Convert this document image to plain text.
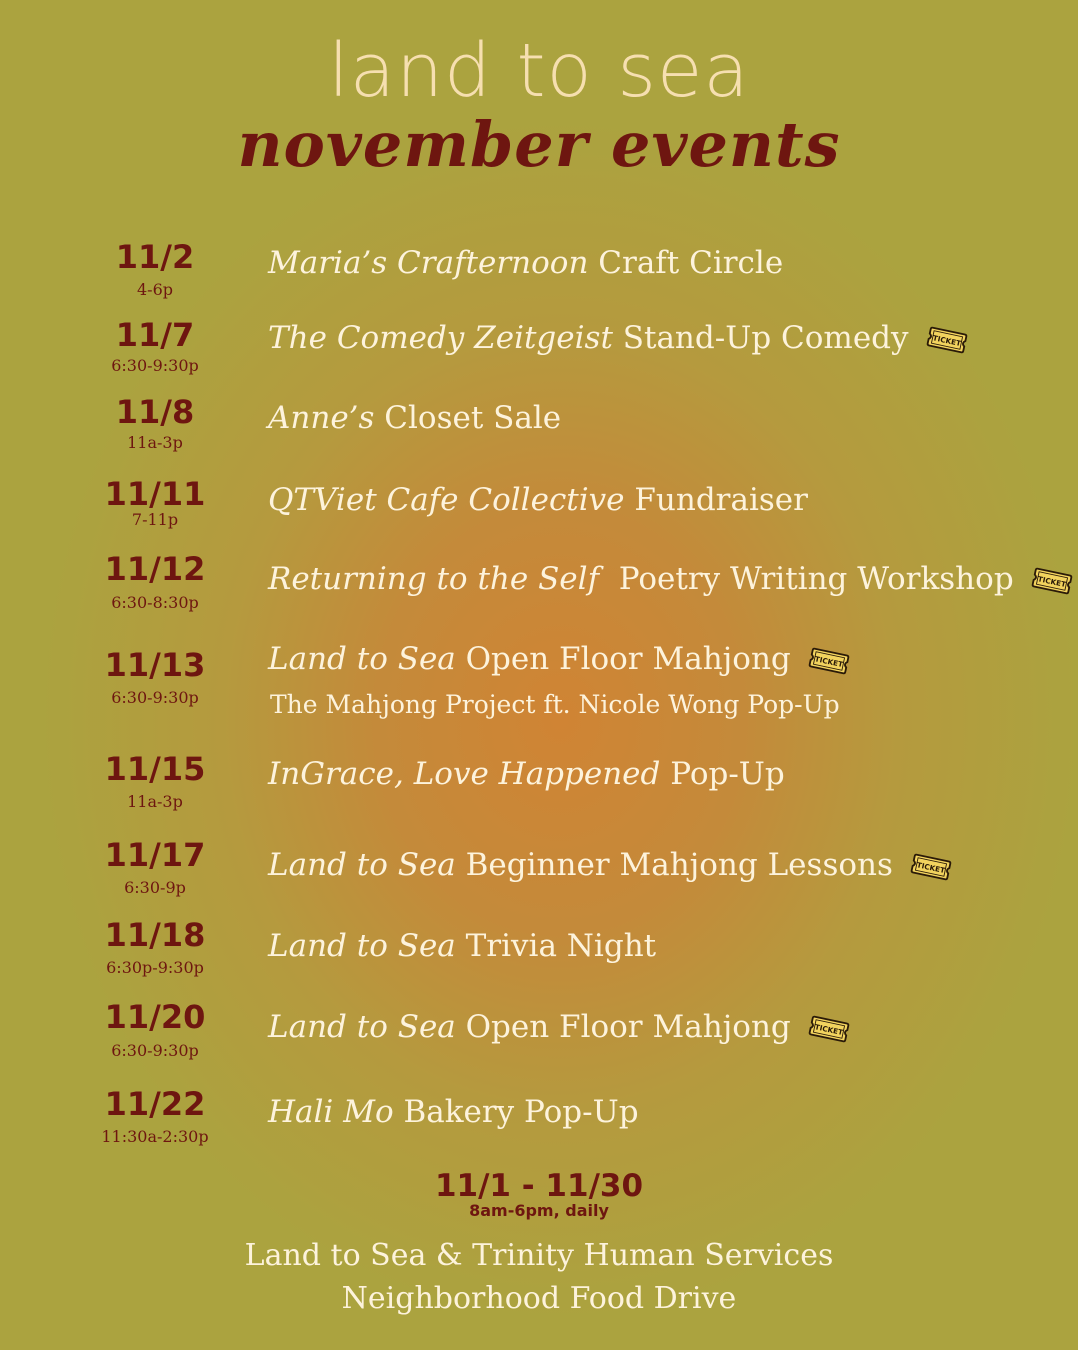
land to sea
november events
11/2
4-6p
Maria’s Crafternoon Craft Circle
11/7
6:30-9:30p
The Comedy Zeitgeist Stand-Up Comedy	TICKET
11/8
11a-3p
Anne’s Closet Sale
11/11
7-11p
QTViet Cafe Collective Fundraiser
11/12
6:30-8:30p
Returning to the Self  Poetry Writing Workshop	TICKET
11/13
6:30-9:30p
Land to Sea Open Floor Mahjong	TICKET
The Mahjong Project ft. Nicole Wong Pop-Up
11/15
11a-3p
InGrace, Love Happened Pop-Up
11/17
6:30-9p
Land to Sea Beginner Mahjong Lessons	TICKET
11/18
6:30p-9:30p
Land to Sea Trivia Night
11/20
6:30-9:30p
Land to Sea Open Floor Mahjong	TICKET
11/22
11:30a-2:30p
Hali Mo Bakery Pop-Up
11/1 - 11/30
8am-6pm, daily
Land to Sea & Trinity Human Services
Neighborhood Food Drive
